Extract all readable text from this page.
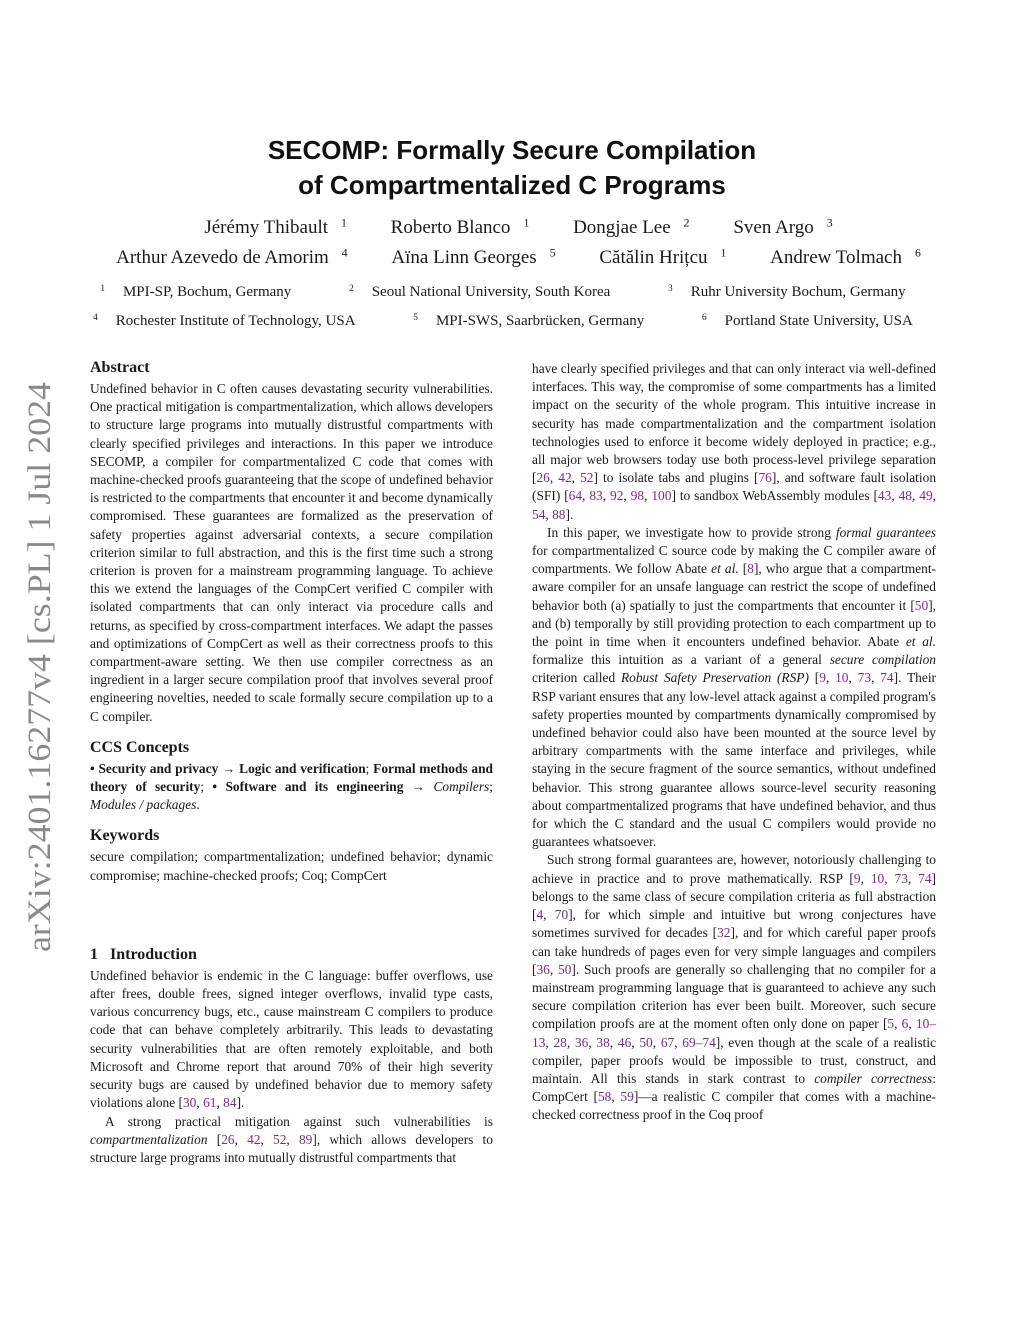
arXiv:2401.16277v4 [cs.PL] 1 Jul 2024
SECOMP: Formally Secure Compilation
of Compartmentalized C Programs
Jérémy Thibault $^1$ Roberto Blanco $^1$ Dongjae Lee $^2$ Sven Argo $^3$
Arthur Azevedo de Amorim $^4$ Aïna Linn Georges $^5$ Cătălin Hrițcu $^1$ Andrew Tolmach $^6$
$^1$ MPI-SP, Bochum, Germany	$^2$ Seoul National University, South Korea	$^3$ Ruhr University Bochum, Germany
$^4$ Rochester Institute of Technology, USA	$^5$ MPI-SWS, Saarbrücken, Germany	$^6$ Portland State University, USA
Abstract

Undefined behavior in C often causes devastating security vulnerabilities. One practical mitigation is compartmentalization, which allows developers to structure large programs into mutually distrustful compartments with clearly specified privileges and interactions. In this paper we introduce SECOMP, a compiler for compartmentalized C code that comes with machine-checked proofs guaranteeing that the scope of undefined behavior is restricted to the compartments that encounter it and become dynamically compromised. These guarantees are formalized as the preservation of safety properties against adversarial contexts, a secure compilation criterion similar to full abstraction, and this is the first time such a strong criterion is proven for a mainstream programming language. To achieve this we extend the languages of the CompCert verified C compiler with isolated compartments that can only interact via procedure calls and returns, as specified by cross-compartment interfaces. We adapt the passes and optimizations of CompCert as well as their correctness proofs to this compartment-aware setting. We then use compiler correctness as an ingredient in a larger secure compilation proof that involves several proof engineering novelties, needed to scale formally secure compilation up to a C compiler.

CCS Concepts

• Security and privacy → Logic and verification; Formal methods and theory of security; • Software and its engineering → Compilers; Modules / packages.

Keywords

secure compilation; compartmentalization; undefined behavior; dynamic compromise; machine-checked proofs; Coq; CompCert

1 Introduction

Undefined behavior is endemic in the C language: buffer overflows, use after frees, double frees, signed integer overflows, invalid type casts, various concurrency bugs, etc., cause mainstream C compilers to produce code that can behave completely arbitrarily. This leads to devastating security vulnerabilities that are often remotely exploitable, and both Microsoft and Chrome report that around 70% of their high severity security bugs are caused by undefined behavior due to memory safety violations alone [30, 61, 84].

A strong practical mitigation against such vulnerabilities is compartmentalization [26, 42, 52, 89], which allows developers to structure large programs into mutually distrustful compartments that

have clearly specified privileges and that can only interact via well-defined interfaces. This way, the compromise of some compartments has a limited impact on the security of the whole program. This intuitive increase in security has made compartmentalization and the compartment isolation technologies used to enforce it become widely deployed in practice; e.g., all major web browsers today use both process-level privilege separation [26, 42, 52] to isolate tabs and plugins [76], and software fault isolation (SFI) [64, 83, 92, 98, 100] to sandbox WebAssembly modules [43, 48, 49, 54, 88].

In this paper, we investigate how to provide strong formal guarantees for compartmentalized C source code by making the C compiler aware of compartments. We follow Abate et al. [8], who argue that a compartment-aware compiler for an unsafe language can restrict the scope of undefined behavior both (a) spatially to just the compartments that encounter it [50], and (b) temporally by still providing protection to each compartment up to the point in time when it encounters undefined behavior. Abate et al. formalize this intuition as a variant of a general secure compilation criterion called Robust Safety Preservation (RSP) [9, 10, 73, 74]. Their RSP variant ensures that any low-level attack against a compiled program's safety properties mounted by compartments dynamically compromised by undefined behavior could also have been mounted at the source level by arbitrary compartments with the same interface and privileges, while staying in the secure fragment of the source semantics, without undefined behavior. This strong guarantee allows source-level security reasoning about compartmentalized programs that have undefined behavior, and thus for which the C standard and the usual C compilers would provide no guarantees whatsoever.

Such strong formal guarantees are, however, notoriously challenging to achieve in practice and to prove mathematically. RSP [9, 10, 73, 74] belongs to the same class of secure compilation criteria as full abstraction [4, 70], for which simple and intuitive but wrong conjectures have sometimes survived for decades [32], and for which careful paper proofs can take hundreds of pages even for very simple languages and compilers [36, 50]. Such proofs are generally so challenging that no compiler for a mainstream programming language that is guaranteed to achieve any such secure compilation criterion has ever been built. Moreover, such secure compilation proofs are at the moment often only done on paper [5, 6, 10–13, 28, 36, 38, 46, 50, 67, 69–74], even though at the scale of a realistic compiler, paper proofs would be impossible to trust, construct, and maintain. All this stands in stark contrast to compiler correctness: CompCert [58, 59]—a realistic C compiler that comes with a machine-checked correctness proof in the Coq proof
